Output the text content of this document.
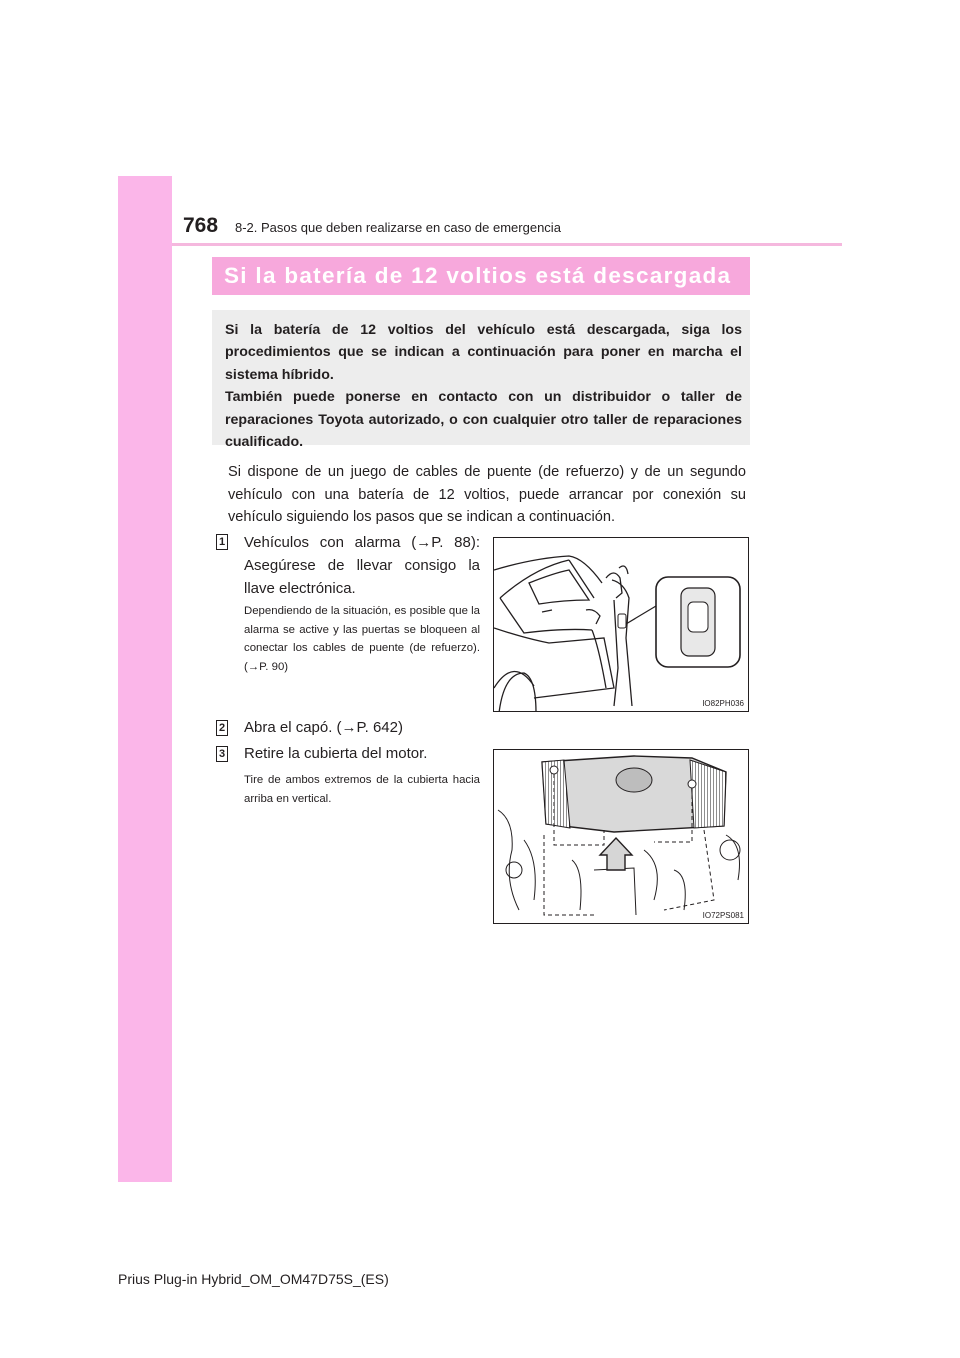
768 8-2. Pasos que deben realizarse en caso de emergencia
Si la batería de 12 voltios está descargada

Si la batería de 12 voltios del vehículo está descargada, siga los procedimientos que se indican a continuación para poner en marcha el sistema híbrido.

También puede ponerse en contacto con un distribuidor o taller de reparaciones Toyota autorizado, o con cualquier otro taller de reparaciones cualificado.

Si dispone de un juego de cables de puente (de refuerzo) y de un segundo vehículo con una batería de 12 voltios, puede arrancar por conexión su vehículo siguiendo los pasos que se indican a continuación.

1 Vehículos con alarma (→P. 88): Asegúrese de llevar consigo la llave electrónica.

Dependiendo de la situación, es posible que la alarma se active y las puertas se bloqueen al conectar los cables de puente (de refuerzo). (→P. 90)

IO82PH036
2 Abra el capó. (→P. 642)

3 Retire la cubierta del motor.

Tire de ambos extremos de la cubierta hacia arriba en vertical.

IO72PS081
Prius Plug-in Hybrid_OM_OM47D75S_(ES)
